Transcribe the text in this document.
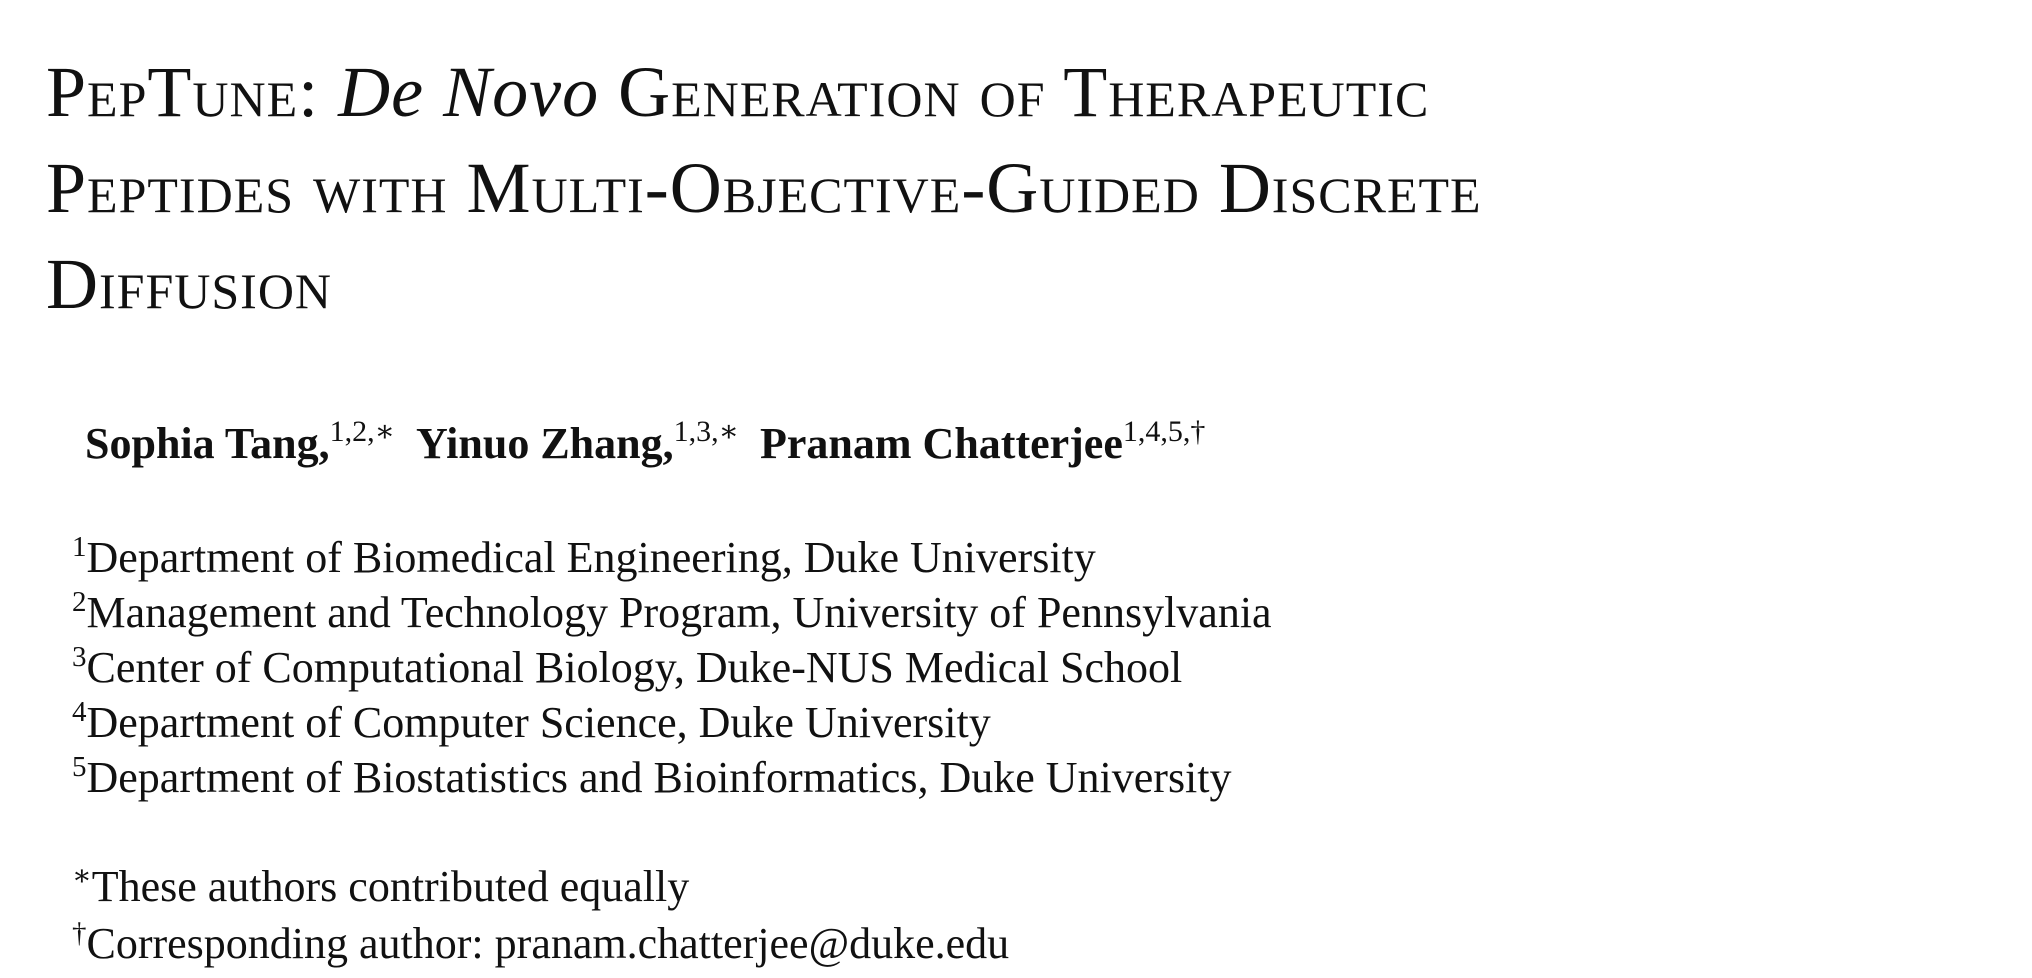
PepTune: De Novo Generation of Therapeutic
Peptides with Multi-Objective-Guided Discrete
Diffusion
Sophia Tang,$^{1,2,∗}$ Yinuo Zhang,$^{1,3,∗}$ Pranam Chatterjee$^{1,4,5,\dagger}$
$^1$Department of Biomedical Engineering, Duke University
$^2$Management and Technology Program, University of Pennsylvania
$^3$Center of Computational Biology, Duke-NUS Medical School
$^4$Department of Computer Science, Duke University
$^5$Department of Biostatistics and Bioinformatics, Duke University
∗These authors contributed equally
†Corresponding author: pranam.chatterjee@duke.edu
